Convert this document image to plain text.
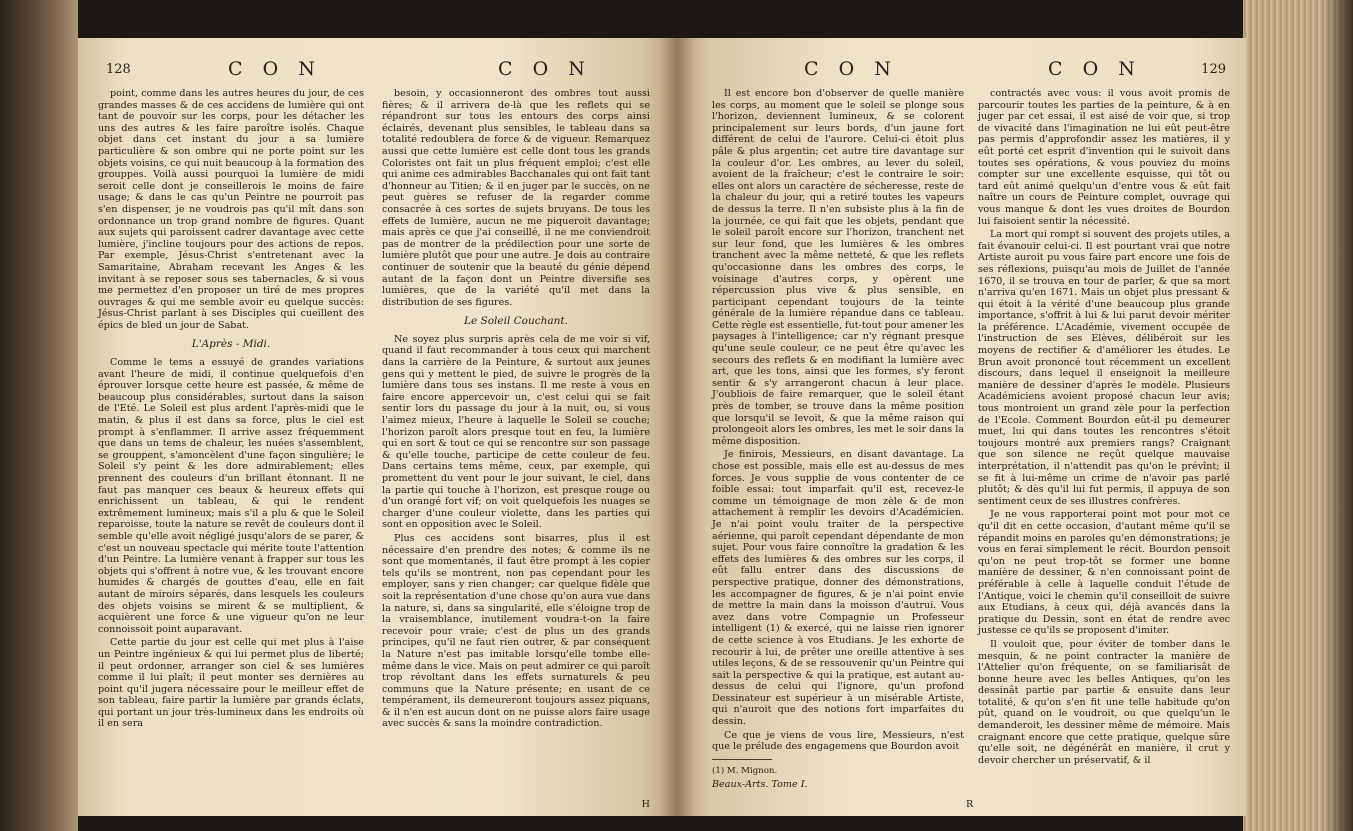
128	C O N	C O N

point, comme dans les autres heures du jour, de ces grandes masses & de ces accidens de lumière qui ont tant de pouvoir sur les corps, pour les détacher les uns des autres & les faire paroître isolés. Chaque objet dans cet instant du jour a sa lumière particulière & son ombre qui ne porte point sur les objets voisins, ce qui nuit beaucoup à la formation des grouppes. Voilà aussi pourquoi la lumière de midi seroit celle dont je conseillerois le moins de faire usage; & dans le cas qu'un Peintre ne pourroit pas s'en dispenser, je ne voudrois pas qu'il mît dans son ordonnance un trop grand nombre de figures. Quant aux sujets qui paroissent cadrer davantage avec cette lumière, j'incline toujours pour des actions de repos. Par exemple, Jésus-Christ s'entretenant avec la Samaritaine, Abraham recevant les Anges & les invitant à se reposer sous ses tabernacles, & si vous me permettez d'en proposer un tiré de mes propres ouvrages & qui me semble avoir eu quelque succès: Jésus-Christ parlant à ses Disciples qui cueillent des épics de bled un jour de Sabat.

L'Après - Midi.

Comme le tems a essuyé de grandes variations avant l'heure de midi, il continue quelquefois d'en éprouver lorsque cette heure est passée, & même de beaucoup plus considérables, surtout dans la saison de l'Eté. Le Soleil est plus ardent l'après-midi que le matin, & plus il est dans sa force, plus le ciel est prompt à s'enflammer. Il arrive assez fréquemment que dans un tems de chaleur, les nuées s'assemblent, se grouppent, s'amoncèlent d'une façon singulière; le Soleil s'y peint & les dore admirablement; elles prennent des couleurs d'un brillant étonnant. Il ne faut pas manquer ces beaux & heureux effets qui enrichissent un tableau, & qui le rendent extrêmement lumineux; mais s'il a plu & que le Soleil reparoisse, toute la nature se revêt de couleurs dont il semble qu'elle avoit négligé jusqu'alors de se parer, & c'est un nouveau spectacle qui mérite toute l'attention d'un Peintre. La lumière venant à frapper sur tous les objets qui s'offrent à notre vue, & les trouvant encore humides & chargés de gouttes d'eau, elle en fait autant de miroirs séparés, dans lesquels les couleurs des objets voisins se mirent & se multiplient, & acquièrent une force & une vigueur qu'on ne leur connoissoit point auparavant.

Cette partie du jour est celle qui met plus à l'aise un Peintre ingénieux & qui lui permet plus de liberté; il peut ordonner, arranger son ciel & ses lumières comme il lui plaît; il peut monter ses dernières au point qu'il jugera nécessaire pour le meilleur effet de son tableau, faire partir la lumière par grands éclats, qui portant un jour très-lumineux dans les endroits où il en sera

besoin, y occasionneront des ombres tout aussi fières; & il arrivera de-là que les reflets qui se répandront sur tous les entours des corps ainsi éclairés, devenant plus sensibles, le tableau dans sa totalité redoublera de force & de vigueur. Remarquez aussi que cette lumière est celle dont tous les grands Coloristes ont fait un plus fréquent emploi; c'est elle qui anime ces admirables Bacchanales qui ont fait tant d'honneur au Titien; & il en juger par le succès, on ne peut guères se refuser de la regarder comme consacrée à ces sortes de sujets bruyans. De tous les effets de lumière, aucun ne me piqueroit davantage; mais après ce que j'ai conseillé, il ne me conviendroit pas de montrer de la prédilection pour une sorte de lumière plutôt que pour une autre. Je dois au contraire continuer de soutenir que la beauté du génie dépend autant de la façon dont un Peintre diversifie ses lumières, que de la variété qu'il met dans la distribution de ses figures.

Le Soleil Couchant.

Ne soyez plus surpris après cela de me voir si vif, quand il faut recommander à tous ceux qui marchent dans la carrière de la Peinture, & surtout aux jeunes gens qui y mettent le pied, de suivre le progrès de la lumière dans tous ses instans. Il me reste à vous en faire encore appercevoir un, c'est celui qui se fait sentir lors du passage du jour à la nuit, ou, si vous l'aimez mieux, l'heure à laquelle le Soleil se couche; l'horizon paroît alors presque tout en feu, la lumière qui en sort & tout ce qui se rencontre sur son passage & qu'elle touche, participe de cette couleur de feu. Dans certains tems même, ceux, par exemple, qui promettent du vent pour le jour suivant, le ciel, dans la partie qui touche à l'horizon, est presque rouge ou d'un orangé fort vif; on voit quelquefois les nuages se charger d'une couleur violette, dans les parties qui sont en opposition avec le Soleil.

Plus ces accidens sont bisarres, plus il est nécessaire d'en prendre des notes; & comme ils ne sont que momentanés, il faut être prompt à les copier tels qu'ils se montrent, non pas cependant pour les employer, sans y rien changer; car quelque fidèle que soit la représentation d'une chose qu'on aura vue dans la nature, si, dans sa singularité, elle s'éloigne trop de la vraisemblance, inutilement voudra-t-on la faire recevoir pour vraie; c'est de plus un des grands principes, qu'il ne faut rien outrer, & par conséquent la Nature n'est pas imitable lorsqu'elle tombe elle-même dans le vice. Mais on peut admirer ce qui paroît trop révoltant dans les effets surnaturels & peu communs que la Nature présente; en usant de ce tempérament, ils demeureront toujours assez piquans, & il n'en est aucun dont on ne puisse alors faire usage avec succès & sans la moindre contradiction.

H
C O N	C O N	129

Il est encore bon d'observer de quelle manière les corps, au moment que le soleil se plonge sous l'horizon, deviennent lumineux, & se colorent principalement sur leurs bords, d'un jaune fort différent de celui de l'aurore. Celui-ci étoit plus pâle & plus argentin; cet autre tire davantage sur la couleur d'or. Les ombres, au lever du soleil, avoient de la fraîcheur; c'est le contraire le soir: elles ont alors un caractère de sécheresse, reste de la chaleur du jour, qui a retiré toutes les vapeurs de dessus la terre. Il n'en subsiste plus à la fin de la journée, ce qui fait que les objets, pendant que le soleil paroît encore sur l'horizon, tranchent net sur leur fond, que les lumières & les ombres tranchent avec la même netteté, & que les reflets qu'occasionne dans les ombres des corps, le voisinage d'autres corps, y opèrent une répercussion plus vive & plus sensible, en participant cependant toujours de la teinte générale de la lumière répandue dans ce tableau. Cette règle est essentielle, fut-tout pour amener les paysages à l'intelligence; car n'y régnant presque qu'une seule couleur, ce ne peut être qu'avec les secours des reflets & en modifiant la lumière avec art, que les tons, ainsi que les formes, s'y feront sentir & s'y arrangeront chacun à leur place. J'oubliois de faire remarquer, que le soleil étant près de tomber, se trouve dans la même position que lorsqu'il se levoit, & que la même raison qui prolongeoit alors les ombres, les met le soir dans la même disposition.

Je finirois, Messieurs, en disant davantage. La chose est possible, mais elle est au-dessus de mes forces. Je vous supplie de vous contenter de ce foible essai: tout imparfait qu'il est, recevez-le comme un témoignage de mon zèle & de mon attachement à remplir les devoirs d'Académicien. Je n'ai point voulu traiter de la perspective aérienne, qui paroît cependant dépendante de mon sujet. Pour vous faire connoître la gradation & les effets des lumières & des ombres sur les corps, il eût fallu entrer dans des discussions de perspective pratique, donner des démonstrations, les accompagner de figures, & je n'ai point envie de mettre la main dans la moisson d'autrui. Vous avez dans votre Compagnie un Professeur intelligent (1) & exercé, qui ne laisse rien ignorer de cette science à vos Etudians. Je les exhorte de recourir à lui, de prêter une oreille attentive à ses utiles leçons, & de se ressouvenir qu'un Peintre qui sait la perspective & qui la pratique, est autant au-dessus de celui qui l'ignore, qu'un profond Dessinateur est supérieur à un misérable Artiste, qui n'auroit que des notions fort imparfaites du dessin.

Ce que je viens de vous lire, Messieurs, n'est que le prélude des engagemens que Bourdon avoit

(1) M. Mignon.

Beaux-Arts. Tome I.

contractés avec vous: il vous avoit promis de parcourir toutes les parties de la peinture, & à en juger par cet essai, il est aisé de voir que, si trop de vivacité dans l'imagination ne lui eût peut-être pas permis d'approfondir assez les matières, il y eût porté cet esprit d'invention qui le suivoit dans toutes ses opérations, & vous pouviez du moins compter sur une excellente esquisse, qui tôt ou tard eût animé quelqu'un d'entre vous & eût fait naître un cours de Peinture complet, ouvrage qui vous manque & dont les vues droites de Bourdon lui faisoient sentir la nécessité.

La mort qui rompt si souvent des projets utiles, a fait évanouir celui-ci. Il est pourtant vrai que notre Artiste auroit pu vous faire part encore une fois de ses réflexions, puisqu'au mois de Juillet de l'année 1670, il se trouva en tour de parler, & que sa mort n'arriva qu'en 1671. Mais un objet plus pressant & qui étoit à la vérité d'une beaucoup plus grande importance, s'offrit à lui & lui parut devoir mériter la préférence. L'Académie, vivement occupée de l'instruction de ses Elèves, délibéroit sur les moyens de rectifier & d'améliorer les études. Le Brun avoit prononcé tout récemment un excellent discours, dans lequel il enseignoit la meilleure manière de dessiner d'après le modèle. Plusieurs Académiciens avoient proposé chacun leur avis; tous montroient un grand zèle pour la perfection de l'Ecole. Comment Bourdon eût-il pu demeurer muet, lui qui dans toutes les rencontres s'étoit toujours montré aux premiers rangs? Craignant que son silence ne reçût quelque mauvaise interprétation, il n'attendit pas qu'on le prévînt; il se fit à lui-même un crime de n'avoir pas parlé plutôt; & dès qu'il lui fut permis, il appuya de son sentiment ceux de ses illustres confrères.

Je ne vous rapporterai point mot pour mot ce qu'il dit en cette occasion, d'autant même qu'il se répandit moins en paroles qu'en démonstrations; je vous en ferai simplement le récit. Bourdon pensoit qu'on ne peut trop-tôt se former une bonne manière de dessiner, & n'en connoissant point de préférable à celle à laquelle conduit l'étude de l'Antique, voici le chemin qu'il conseilloit de suivre aux Etudians, à ceux qui, déjà avancés dans la pratique du Dessin, sont en état de rendre avec justesse ce qu'ils se proposent d'imiter.

Il vouloit que, pour éviter de tomber dans le mesquin, & ne point contracter la manière de l'Attelier qu'on fréquente, on se familiarisât de bonne heure avec les belles Antiques, qu'on les dessinât partie par partie & ensuite dans leur totalité, & qu'on s'en fit une telle habitude qu'on pût, quand on le voudroit, ou que quelqu'un le demanderoit, les dessiner même de mémoire. Mais craignant encore que cette pratique, quelque sûre qu'elle soit, ne dégénérât en manière, il crut y devoir chercher un préservatif, & il

R
